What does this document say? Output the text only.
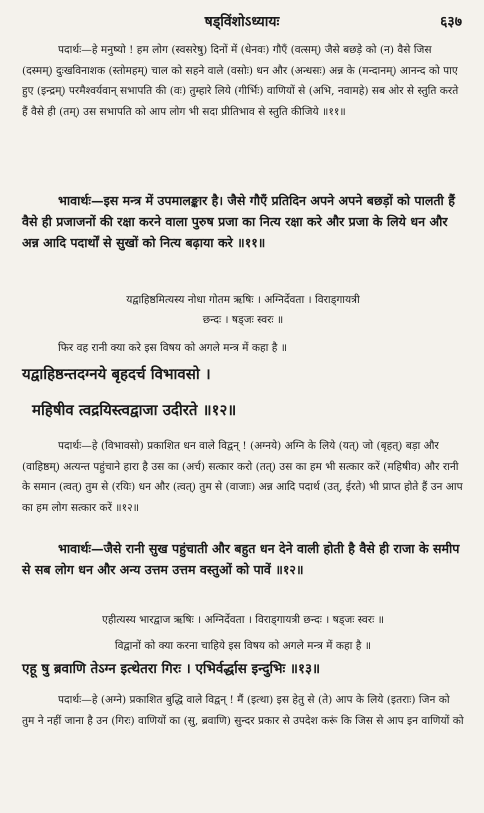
षड्विंशोऽध्यायः	६३७

पदार्थः—हे मनुष्यो ! हम लोग (स्वसरेषु) दिनों में (धेनवः) गौएँ (वत्सम्) जैसे बछड़े को (न) वैसे जिस (दस्मम्) दुःखविनाशक (स्तोमहम्) चाल को सहने वाले (वसोः) धन और (अन्धसः) अन्न के (मन्दानम्) आनन्द को पाए हुए (इन्द्रम्) परमैश्वर्यवान् सभापति की (वः) तुम्हारे लिये (गीर्भिः) वाणियों से (अभि, नवामहे) सब ओर से स्तुति करते हैं वैसे ही (तम्) उस सभापति को आप लोग भी सदा प्रीतिभाव से स्तुति कीजिये ॥११॥

भावार्थः—इस मन्त्र में उपमालङ्कार है। जैसे गौएँ प्रतिदिन अपने अपने बछड़ों को पालती हैं वैसे ही प्रजाजनों की रक्षा करने वाला पुरुष प्रजा का नित्य रक्षा करे और प्रजा के लिये धन और अन्न आदि पदार्थों से सुखों को नित्य बढ़ाया करे ॥११॥

यद्वाहिष्ठमित्यस्य नोधा गोतम ऋषिः । अग्निर्देवता । विराड्गायत्री

छन्दः । षड्जः स्वरः ॥

फिर वह रानी क्या करे इस विषय को अगले मन्त्र में कहा है ॥

यद्वाहिष्ठन्तदग्नये बृहदर्च विभावसो ।

महिषीव त्वद्रयिस्त्वद्वाजा उदीरते ॥१२॥

पदार्थः—हे (विभावसो) प्रकाशित धन वाले विद्वन् ! (अग्नये) अग्नि के लिये (यत्) जो (बृहत्) बड़ा और (वाहिष्ठम्) अत्यन्त पहुंचाने हारा है उस का (अर्च) सत्कार करो (तत्) उस का हम भी सत्कार करें (महिषीव) और रानी के समान (त्वत्) तुम से (रयिः) धन और (त्वत्) तुम से (वाजाः) अन्न आदि पदार्थ (उत्, ईरते) भी प्राप्त होते हैं उन आप का हम लोग सत्कार करें ॥१२॥

भावार्थः—जैसे रानी सुख पहुंचाती और बहुत धन देने वाली होती है वैसे ही राजा के समीप से सब लोग धन और अन्य उत्तम उत्तम वस्तुओं को पावें ॥१२॥

एहीत्यस्य भारद्वाज ऋषिः । अग्निर्देवता । विराड्गायत्री छन्दः । षड्जः स्वरः ॥

विद्वानों को क्या करना चाहिये इस विषय को अगले मन्त्र में कहा है ॥

एहू षु ब्रवाणि तेऽग्न इत्थेतरा गिरः । एभिर्वर्द्धास इन्दुभिः ॥१३॥

पदार्थः—हे (अग्ने) प्रकाशित बुद्धि वाले विद्वन् ! मैं (इत्था) इस हेतु से (ते) आप के लिये (इतराः) जिन को तुम ने नहीं जाना है उन (गिरः) वाणियों का (सु, ब्रवाणि) सुन्दर प्रकार से उपदेश करूं कि जिस से आप इन वाणियों को
